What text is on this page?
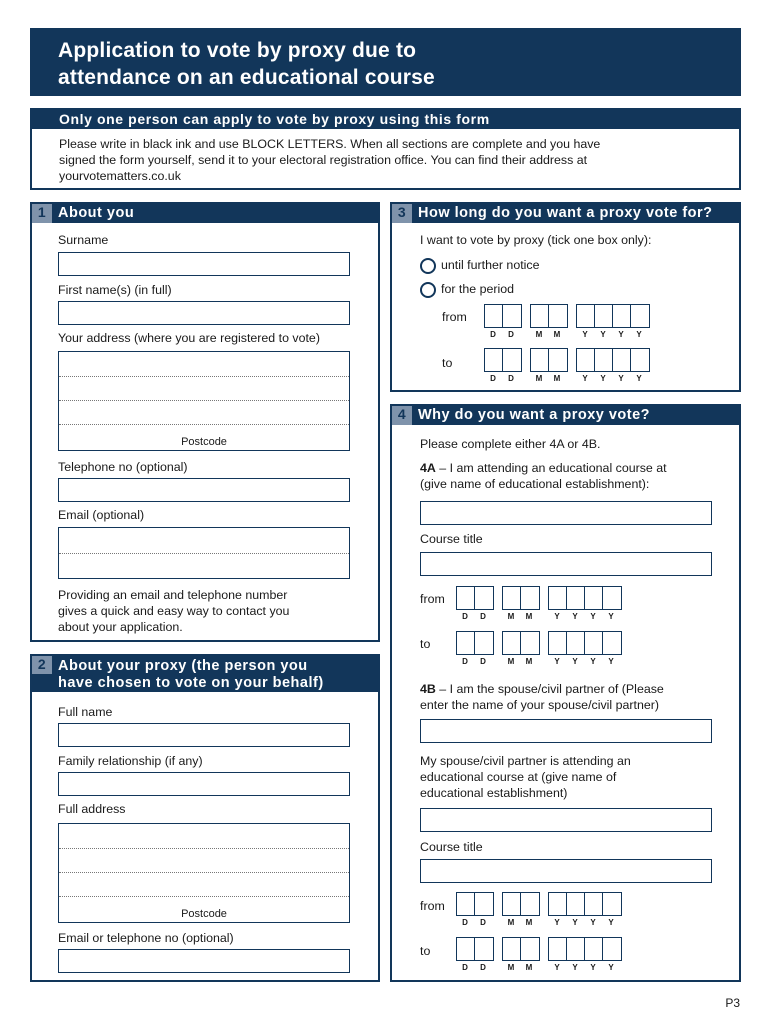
Application to vote by proxy due to
attendance on an educational course
Only one person can apply to vote by proxy using this form
Please write in black ink and use BLOCK LETTERS. When all sections are complete and you have
signed the form yourself, send it to your electoral registration office. You can find their address at
yourvotematters.co.uk
1 About you
Surname
First name(s) (in full)
Your address (where you are registered to vote)
Postcode
Telephone no (optional)
Email (optional)
Providing an email and telephone number
gives a quick and easy way to contact you
about your application.
2 About your proxy (the person you
have chosen to vote on your behalf)
Full name
Family relationship (if any)
Full address
Postcode
Email or telephone no (optional)
3 How long do you want a proxy vote for?
I want to vote by proxy (tick one box only):
until further notice
for the period
from
D	D	M	M	Y	Y	Y	Y
to
D	D	M	M	Y	Y	Y	Y
4 Why do you want a proxy vote?
Please complete either 4A or 4B.
4A – I am attending an educational course at
(give name of educational establishment):
Course title
from
D	D	M	M	Y	Y	Y	Y
to
D	D	M	M	Y	Y	Y	Y
4B – I am the spouse/civil partner of (Please
enter the name of your spouse/civil partner)
My spouse/civil partner is attending an
educational course at (give name of
educational establishment)
Course title
from
D	D	M	M	Y	Y	Y	Y
to
D	D	M	M	Y	Y	Y	Y
P3
